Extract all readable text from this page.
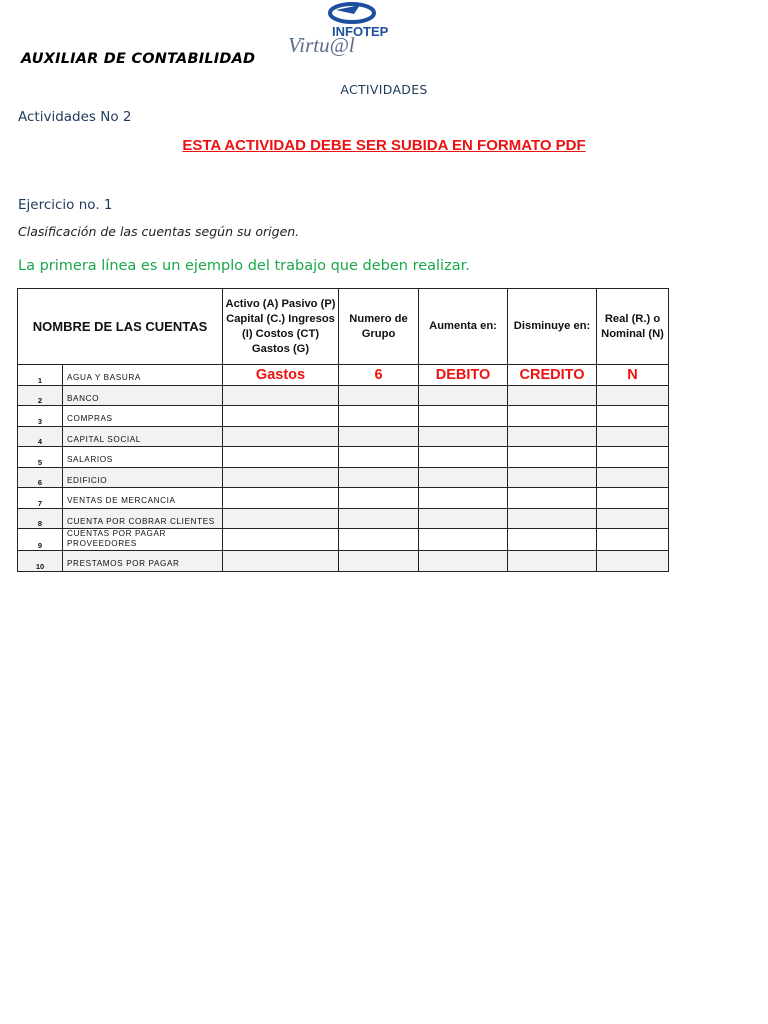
AUXILIAR DE CONTABILIDAD
INFOTEP
Virtu@l
ACTIVIDADES
Actividades No 2
ESTA ACTIVIDAD DEBE SER SUBIDA EN FORMATO PDF
Ejercicio no. 1
Clasificación de las cuentas según su origen.
La primera línea es un ejemplo del trabajo que deben realizar.
NOMBRE DE LAS CUENTAS		Activo (A) Pasivo (P) Capital (C.) Ingresos (I) Costos (CT) Gastos (G)	Numero de Grupo	Aumenta en:	Disminuye en:	Real (R.) o Nominal (N)
1	AGUA Y BASURA	Gastos	6	DEBITO	CREDITO	N
2	BANCO					
3	COMPRAS					
4	CAPITAL SOCIAL					
5	SALARIOS					
6	EDIFICIO					
7	VENTAS DE MERCANCIA					
8	CUENTA POR COBRAR CLIENTES					
9	CUENTAS POR PAGAR PROVEEDORES					
10	PRESTAMOS POR PAGAR					
